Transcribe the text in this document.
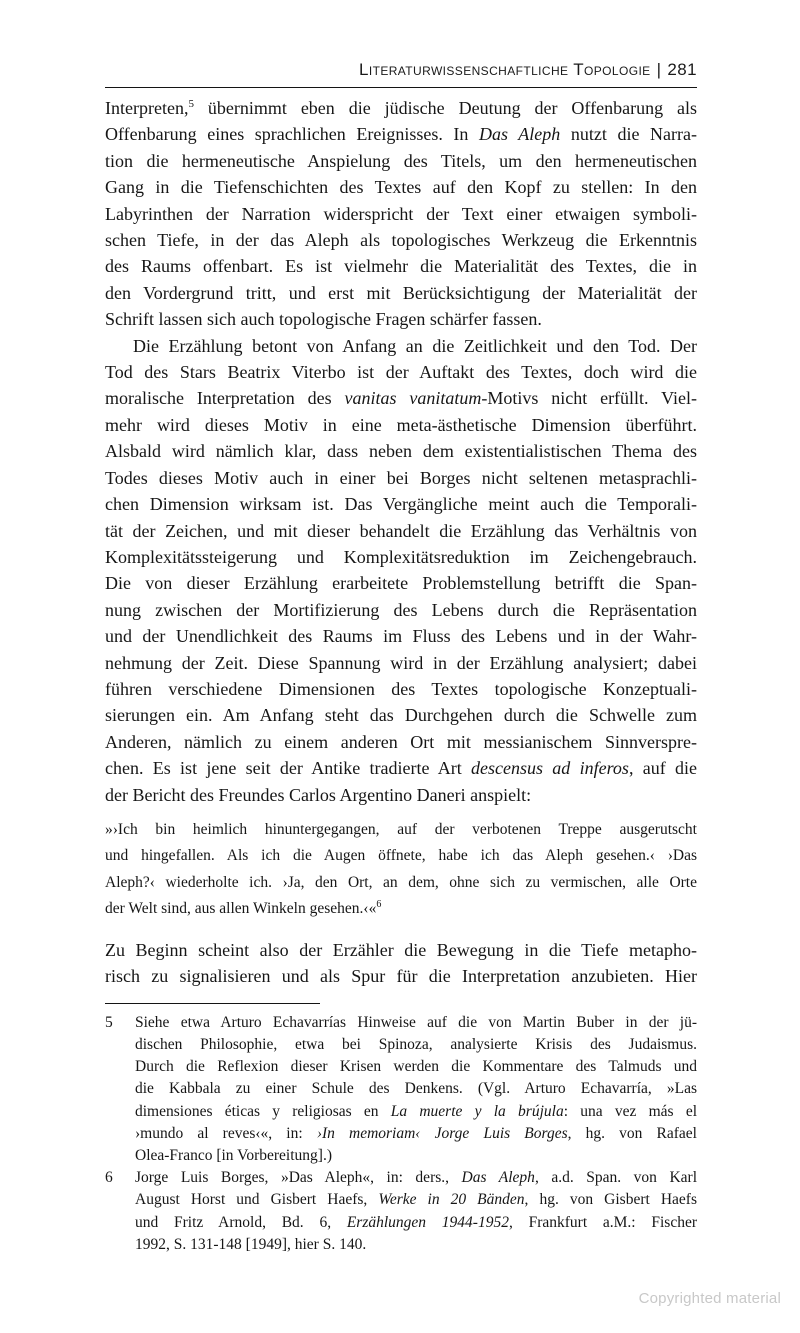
Literaturwissenschaftliche Topologie | 281
Interpreten,$^5$ übernimmt eben die jüdische Deutung der Offenbarung als
Offenbarung eines sprachlichen Ereignisses. In Das Aleph nutzt die Narra-
tion die hermeneutische Anspielung des Titels, um den hermeneutischen
Gang in die Tiefenschichten des Textes auf den Kopf zu stellen: In den
Labyrinthen der Narration widerspricht der Text einer etwaigen symboli-
schen Tiefe, in der das Aleph als topologisches Werkzeug die Erkenntnis
des Raums offenbart. Es ist vielmehr die Materialität des Textes, die in
den Vordergrund tritt, und erst mit Berücksichtigung der Materialität der
Schrift lassen sich auch topologische Fragen schärfer fassen.
Die Erzählung betont von Anfang an die Zeitlichkeit und den Tod. Der
Tod des Stars Beatrix Viterbo ist der Auftakt des Textes, doch wird die
moralische Interpretation des vanitas vanitatum-Motivs nicht erfüllt. Viel-
mehr wird dieses Motiv in eine meta-ästhetische Dimension überführt.
Alsbald wird nämlich klar, dass neben dem existentialistischen Thema des
Todes dieses Motiv auch in einer bei Borges nicht seltenen metasprachli-
chen Dimension wirksam ist. Das Vergängliche meint auch die Temporali-
tät der Zeichen, und mit dieser behandelt die Erzählung das Verhältnis von
Komplexitätssteigerung und Komplexitätsreduktion im Zeichengebrauch.
Die von dieser Erzählung erarbeitete Problemstellung betrifft die Span-
nung zwischen der Mortifizierung des Lebens durch die Repräsentation
und der Unendlichkeit des Raums im Fluss des Lebens und in der Wahr-
nehmung der Zeit. Diese Spannung wird in der Erzählung analysiert; dabei
führen verschiedene Dimensionen des Textes topologische Konzeptuali-
sierungen ein. Am Anfang steht das Durchgehen durch die Schwelle zum
Anderen, nämlich zu einem anderen Ort mit messianischem Sinnverspre-
chen. Es ist jene seit der Antike tradierte Art descensus ad inferos, auf die
der Bericht des Freundes Carlos Argentino Daneri anspielt:
»›Ich bin heimlich hinuntergegangen, auf der verbotenen Treppe ausgerutscht
und hingefallen. Als ich die Augen öffnete, habe ich das Aleph gesehen.‹ ›Das
Aleph?‹ wiederholte ich. ›Ja, den Ort, an dem, ohne sich zu vermischen, alle Orte
der Welt sind, aus allen Winkeln gesehen.‹«$^6$
Zu Beginn scheint also der Erzähler die Bewegung in die Tiefe metapho-
risch zu signalisieren und als Spur für die Interpretation anzubieten. Hier
5	Siehe etwa Arturo Echavarrías Hinweise auf die von Martin Buber in der jü-
dischen Philosophie, etwa bei Spinoza, analysierte Krisis des Judaismus.
Durch die Reflexion dieser Krisen werden die Kommentare des Talmuds und
die Kabbala zu einer Schule des Denkens. (Vgl. Arturo Echavarría, »Las
dimensiones éticas y religiosas en La muerte y la brújula: una vez más el
›mundo al reves‹«, in: ›In memoriam‹ Jorge Luis Borges, hg. von Rafael
Olea-Franco [in Vorbereitung].)
6	Jorge Luis Borges, »Das Aleph«, in: ders., Das Aleph, a.d. Span. von Karl
August Horst und Gisbert Haefs, Werke in 20 Bänden, hg. von Gisbert Haefs
und Fritz Arnold, Bd. 6, Erzählungen 1944-1952, Frankfurt a.M.: Fischer
1992, S. 131-148 [1949], hier S. 140.
Copyrighted material
